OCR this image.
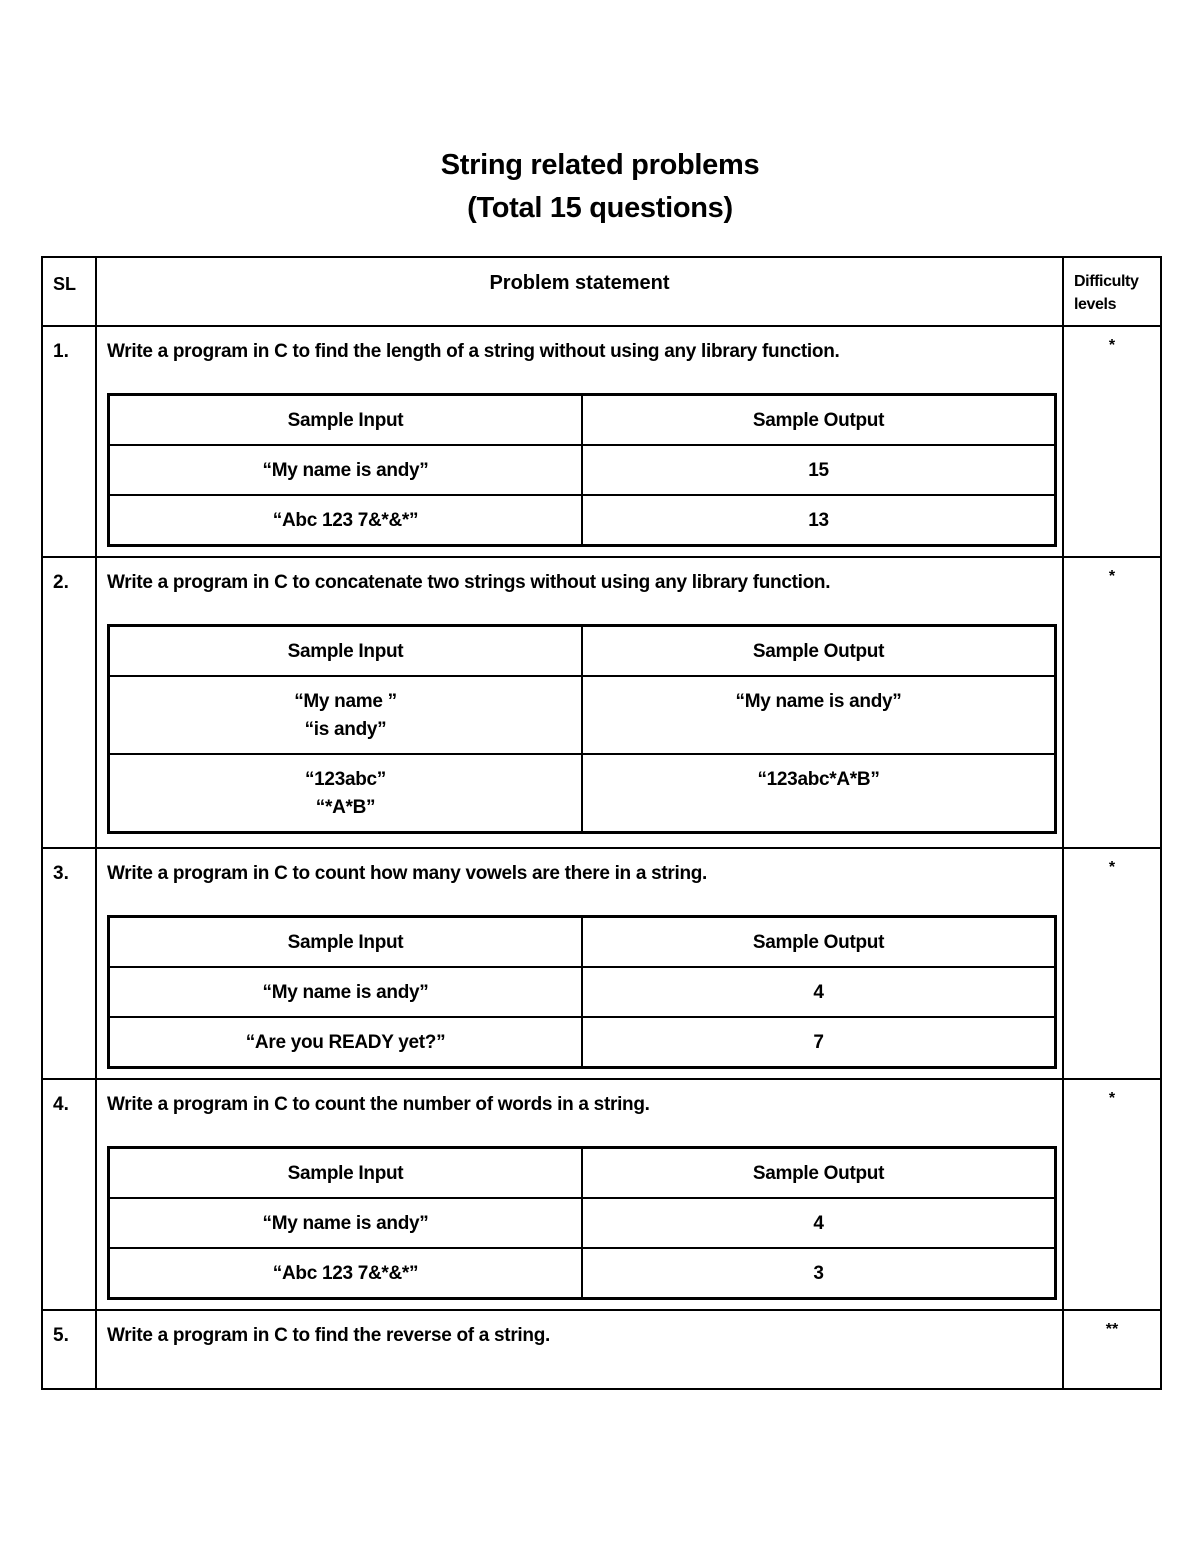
String related problems
(Total 15 questions)
SL	Problem statement	Difficulty
levels

1.	Write a program in C to find the length of a string without using any library function.
Sample Input	Sample Output

“My name is andy”	15

“Abc 123 7&*&*”	13
	*
2.	Write a program in C to concatenate two strings without using any library function.
Sample Input	Sample Output

“My name ”
“is andy”
	“My name is andy”

“123abc”
“*A*B”
	“123abc*A*B”
	*
3.	Write a program in C to count how many vowels are there in a string.
Sample Input	Sample Output

“My name is andy”	4

“Are you READY yet?”	7
	*
4.	Write a program in C to count the number of words in a string.
Sample Input	Sample Output

“My name is andy”	4

“Abc 123 7&*&*”	3
	*
5.	Write a program in C to find the reverse of a string.	**
